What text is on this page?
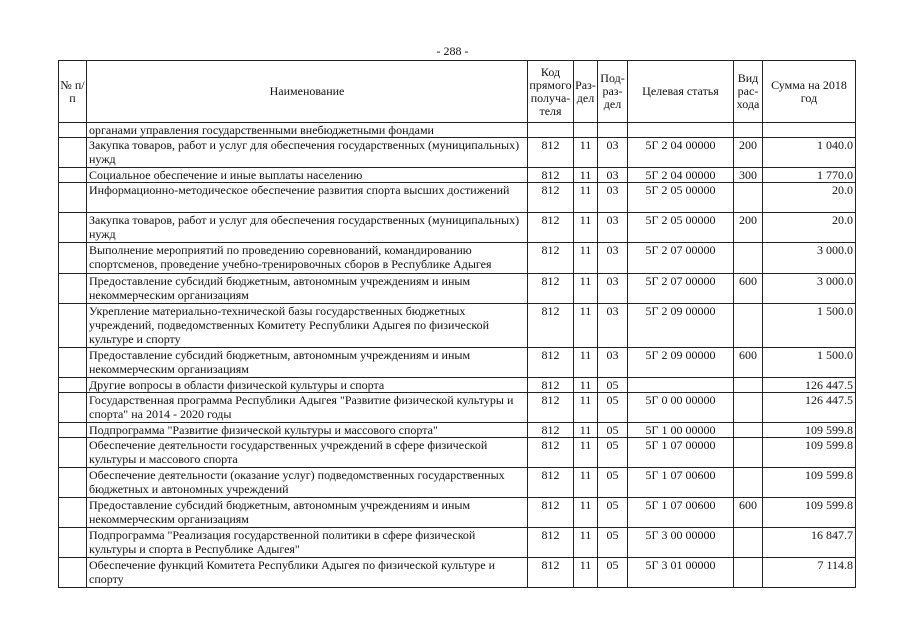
- 288 -
№ п/п	Наименование	Код прямого получа-теля	Раз-дел	Под-раз-дел	Целевая статья	Вид рас-хода	Сумма на 2018 год
	органами управления государственными внебюджетными фондами						
	Закупка товаров, работ и услуг для обеспечения государственных (муниципальных) нужд	812	11	03	5Г 2 04 00000	200	1 040.0
	Социальное обеспечение и иные выплаты населению	812	11	03	5Г 2 04 00000	300	1 770.0
	Информационно-методическое обеспечение развития спорта высших достижений	812	11	03	5Г 2 05 00000		20.0
	Закупка товаров, работ и услуг для обеспечения государственных (муниципальных) нужд	812	11	03	5Г 2 05 00000	200	20.0
	Выполнение мероприятий по проведению соревнований, командированию спортсменов, проведение учебно-тренировочных сборов в Республике Адыгея	812	11	03	5Г 2 07 00000		3 000.0
	Предоставление субсидий бюджетным, автономным учреждениям и иным некоммерческим организациям	812	11	03	5Г 2 07 00000	600	3 000.0
	Укрепление материально-технической базы государственных бюджетных учреждений, подведомственных Комитету Республики Адыгея по физической культуре и спорту	812	11	03	5Г 2 09 00000		1 500.0
	Предоставление субсидий бюджетным, автономным учреждениям и иным некоммерческим организациям	812	11	03	5Г 2 09 00000	600	1 500.0
	Другие вопросы в области физической культуры и спорта	812	11	05			126 447.5
	Государственная программа Республики Адыгея "Развитие физической культуры и спорта" на 2014 - 2020 годы	812	11	05	5Г 0 00 00000		126 447.5
	Подпрограмма "Развитие физической культуры и массового спорта"	812	11	05	5Г 1 00 00000		109 599.8
	Обеспечение деятельности государственных учреждений в сфере физической культуры и массового спорта	812	11	05	5Г 1 07 00000		109 599.8
	Обеспечение деятельности (оказание услуг) подведомственных государственных бюджетных и автономных учреждений	812	11	05	5Г 1 07 00600		109 599.8
	Предоставление субсидий бюджетным, автономным учреждениям и иным некоммерческим организациям	812	11	05	5Г 1 07 00600	600	109 599.8
	Подпрограмма "Реализация государственной политики в сфере физической культуры и спорта в Республике Адыгея"	812	11	05	5Г 3 00 00000		16 847.7
	Обеспечение функций Комитета Республики Адыгея по физической культуре и спорту	812	11	05	5Г 3 01 00000		7 114.8
